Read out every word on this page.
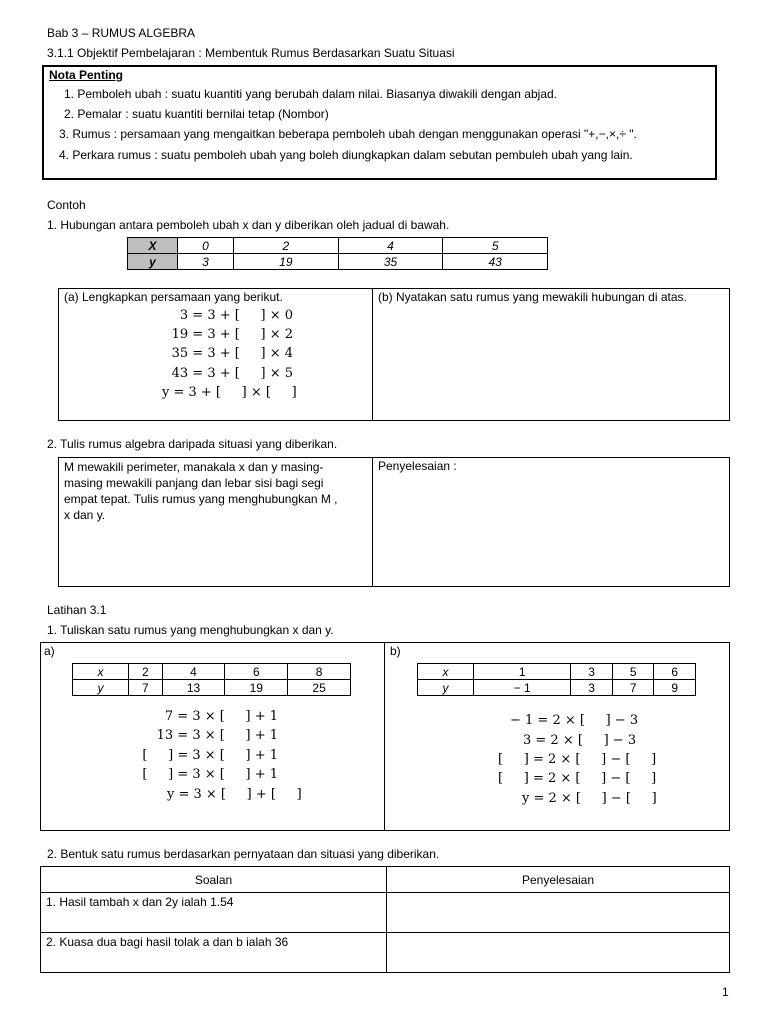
Bab 3 – RUMUS ALGEBRA
3.1.1 Objektif Pembelajaran : Membentuk Rumus Berdasarkan Suatu Situasi
Nota Penting
1. Pemboleh ubah : suatu kuantiti yang berubah dalam nilai. Biasanya diwakili dengan abjad.
2. Pemalar : suatu kuantiti bernilai tetap (Nombor)
3. Rumus : persamaan yang mengaitkan beberapa pemboleh ubah dengan menggunakan operasi "+,−,×,÷ ".
4. Perkara rumus : suatu pemboleh ubah yang boleh diungkapkan dalam sebutan pembuleh ubah yang lain.
Contoh
1. Hubungan antara pemboleh ubah x dan y diberikan oleh jadual di bawah.
X	0	2	4	5
y	3	19	35	43
(a) Lengkapkan persamaan yang berikut.	(b) Nyatakan satu rumus yang mewakili hubungan di atas.
3 = 3 + [     ] × 0
19 = 3 + [     ] × 2
35 = 3 + [     ] × 4
43 = 3 + [     ] × 5
y = 3 + [     ] × [     ]
2. Tulis rumus algebra daripada situasi yang diberikan.
M mewakili perimeter, manakala x dan y masing-
masing mewakili panjang dan lebar sisi bagi segi
empat tepat. Tulis rumus yang menghubungkan M ,
x dan y.
Penyelesaian :
Latihan 3.1
1. Tuliskan satu rumus yang menghubungkan x dan y.
a)	b)
x	2	4	6	8
y	7	13	19	25
x	1	3	5	6
y	− 1	3	7	9
7 = 3 × [     ] + 1
13 = 3 × [     ] + 1
[     ] = 3 × [     ] + 1
[     ] = 3 × [     ] + 1
y = 3 × [     ] + [     ]
− 1 = 2 × [     ] − 3
3 = 2 × [     ] − 3
[     ] = 2 × [     ] − [     ]
[     ] = 2 × [     ] − [     ]
y = 2 × [     ] − [     ]
2. Bentuk satu rumus berdasarkan pernyataan dan situasi yang diberikan.
Soalan	Penyelesaian
1. Hasil tambah x dan 2y ialah 1.54	
2. Kuasa dua bagi hasil tolak a dan b ialah 36	
1
